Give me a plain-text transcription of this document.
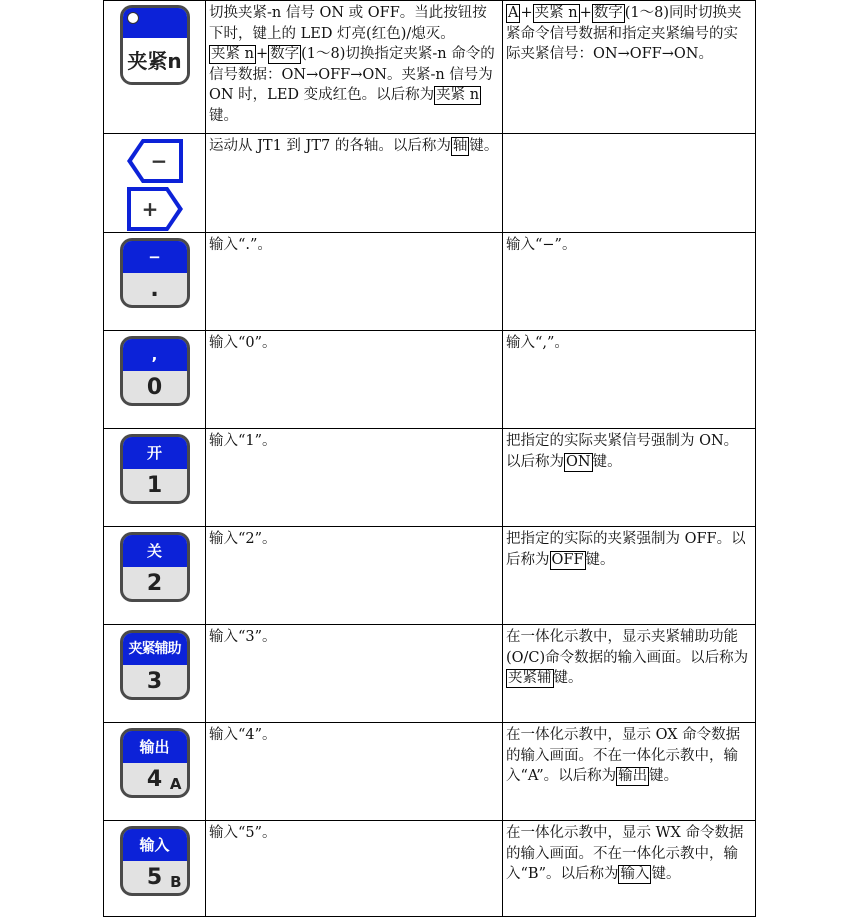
夹紧n	切换夹紧-n 信号 ON 或 OFF。当此按钮按下时，键上的 LED 灯亮(红色)/熄灭。夹紧 n + 数字 (1～8)切换指定夹紧-n 命令的信号数据：ON→OFF→ON。夹紧-n 信号为 ON 时，LED 变成红色。以后称为 夹紧 n键。	A + 夹紧 n + 数字 (1～8)同时切换夹紧命令信号数据和指定夹紧编号的实际夹紧信号：ON→OFF→ON。

−
+	运动从 JT1 到 JT7 的各轴。以后称为 轴 键。	

−
.	输入“.”。	输入“−”。

,
0	输入“0”。	输入“,”。

开
1	输入“1”。	把指定的实际夹紧信号强制为 ON。以后称为 ON 键。

关
2	输入“2”。	把指定的实际的夹紧强制为 OFF。以后称为 OFF 键。

夹紧辅助
3	输入“3”。	在一体化示教中，显示夹紧辅助功能(O/C)命令数据的输入画面。以后称为夹紧辅 键。

输出
4 A	输入“4”。	在一体化示教中，显示 OX 命令数据的输入画面。不在一体化示教中，输入“A”。以后称为 输出 键。

输入
5 B	输入“5”。	在一体化示教中，显示 WX 命令数据的输入画面。不在一体化示教中，输入“B”。以后称为 输入 键。
